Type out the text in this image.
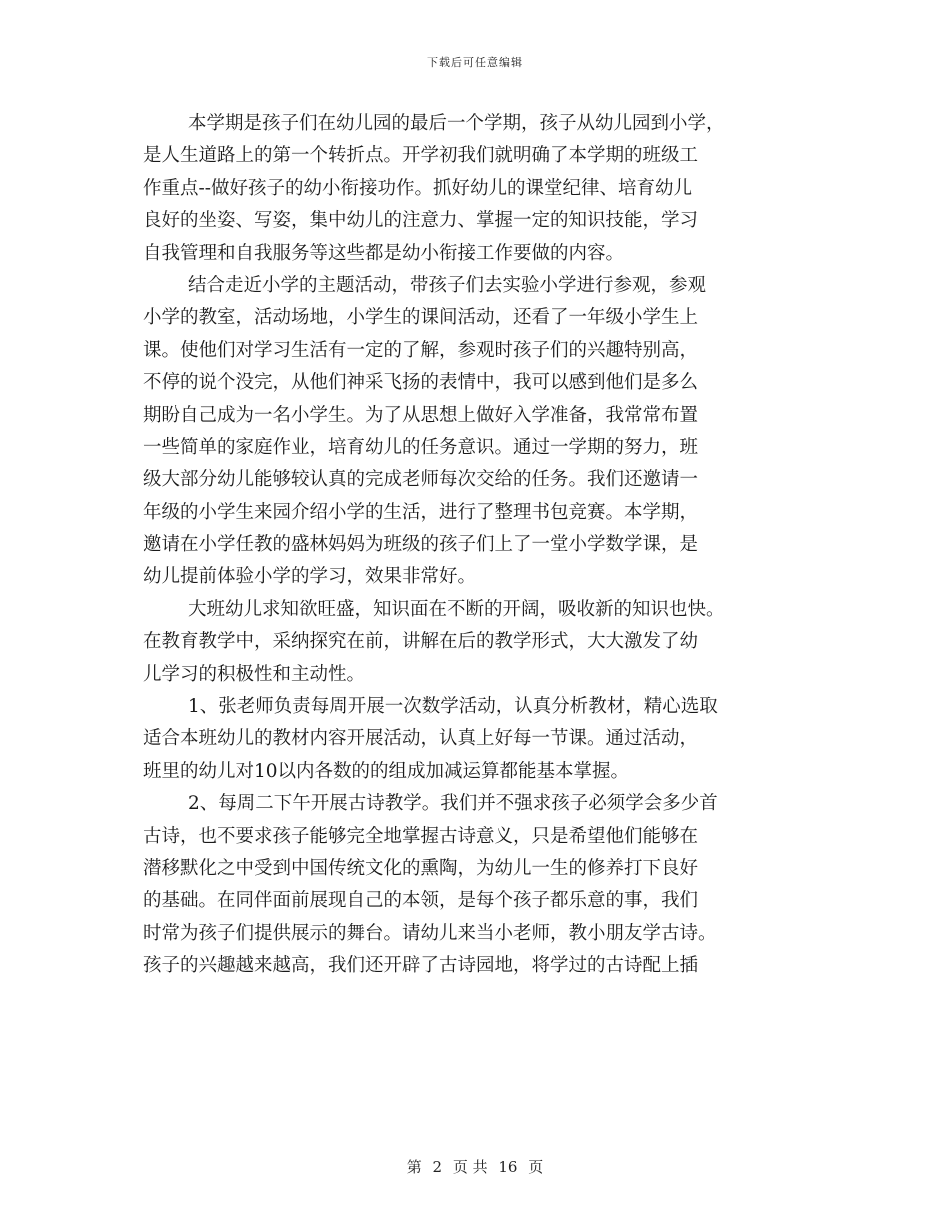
下载后可任意编辑
本学期是孩子们在幼儿园的最后一个学期，孩子从幼儿园到小学，
是人生道路上的第一个转折点。开学初我们就明确了本学期的班级工
作重点--做好孩子的幼小衔接功作。抓好幼儿的课堂纪律、培育幼儿
良好的坐姿、写姿，集中幼儿的注意力、掌握一定的知识技能，学习
自我管理和自我服务等这些都是幼小衔接工作要做的内容。
结合走近小学的主题活动，带孩子们去实验小学进行参观，参观
小学的教室，活动场地，小学生的课间活动，还看了一年级小学生上
课。使他们对学习生活有一定的了解，参观时孩子们的兴趣特别高，
不停的说个没完，从他们神采飞扬的表情中，我可以感到他们是多么
期盼自己成为一名小学生。为了从思想上做好入学准备，我常常布置
一些简单的家庭作业，培育幼儿的任务意识。通过一学期的努力，班
级大部分幼儿能够较认真的完成老师每次交给的任务。我们还邀请一
年级的小学生来园介绍小学的生活，进行了整理书包竞赛。本学期，
邀请在小学任教的盛林妈妈为班级的孩子们上了一堂小学数学课，是
幼儿提前体验小学的学习，效果非常好。
大班幼儿求知欲旺盛，知识面在不断的开阔，吸收新的知识也快。
在教育教学中，采纳探究在前，讲解在后的教学形式，大大激发了幼
儿学习的积极性和主动性。
1、张老师负责每周开展一次数学活动，认真分析教材，精心选取
适合本班幼儿的教材内容开展活动，认真上好每一节课。通过活动，
班里的幼儿对10以内各数的的组成加减运算都能基本掌握。
2、每周二下午开展古诗教学。我们并不强求孩子必须学会多少首
古诗，也不要求孩子能够完全地掌握古诗意义，只是希望他们能够在
潜移默化之中受到中国传统文化的熏陶，为幼儿一生的修养打下良好
的基础。在同伴面前展现自己的本领，是每个孩子都乐意的事，我们
时常为孩子们提供展示的舞台。请幼儿来当小老师，教小朋友学古诗。
孩子的兴趣越来越高，我们还开辟了古诗园地，将学过的古诗配上插
第 2 页 共 16 页
